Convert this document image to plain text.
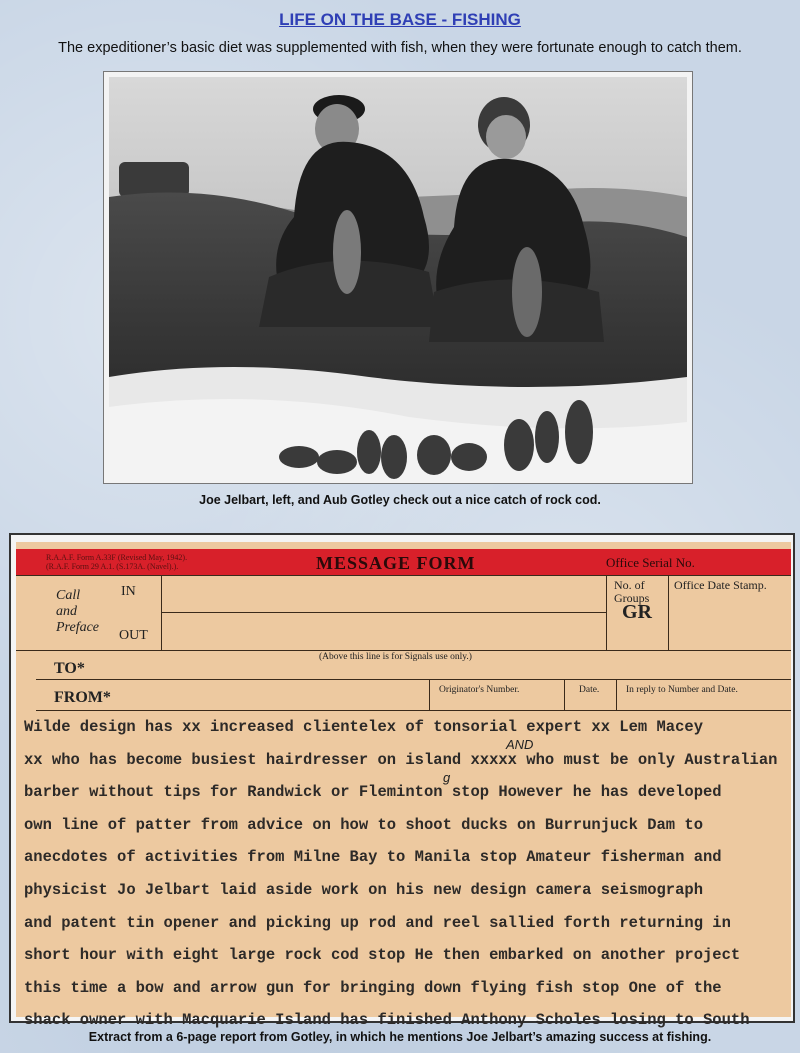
LIFE ON THE BASE - FISHING
The expeditioner’s basic diet was supplemented with fish, when they were fortunate enough to catch them.
Joe Jelbart, left, and Aub Gotley check out a nice catch of rock cod.
R.A.A.F. Form A.33F (Revised May, 1942).
(R.A.F. Form 29 A.1. (S.173A. (Navel).).	MESSAGE FORM	Office Serial No.
Call
and
Preface
IN
OUT
No. of
Groups
GR
Office Date Stamp.
(Above this line is for Signals use only.)
TO*
FROM*	Originator's Number.	Date.	In reply to Number and Date.
AND
g
Wilde design has xx increased clientelex of tonsorial expert xx Lem Macey
xx who has become busiest hairdresser on island xxxxx who must be only Australian
barber without tips for Randwick or Fleminton stop However he has developed
own line of patter from advice on how to shoot ducks on Burrunjuck Dam to
anecdotes of activities from Milne Bay to Manila stop Amateur fisherman and
physicist Jo Jelbart laid aside work on his new design camera seismograph
and patent tin opener and picking up rod and reel sallied forth returning in
short hour with eight large rock cod stop He then embarked on another project
this time a bow and arrow gun for bringing down flying fish stop One of the
shack owner with Macquarie Island has finished Anthony Scholes losing to South
Extract from a 6-page report from Gotley, in which he mentions Joe Jelbart’s amazing success at fishing.
